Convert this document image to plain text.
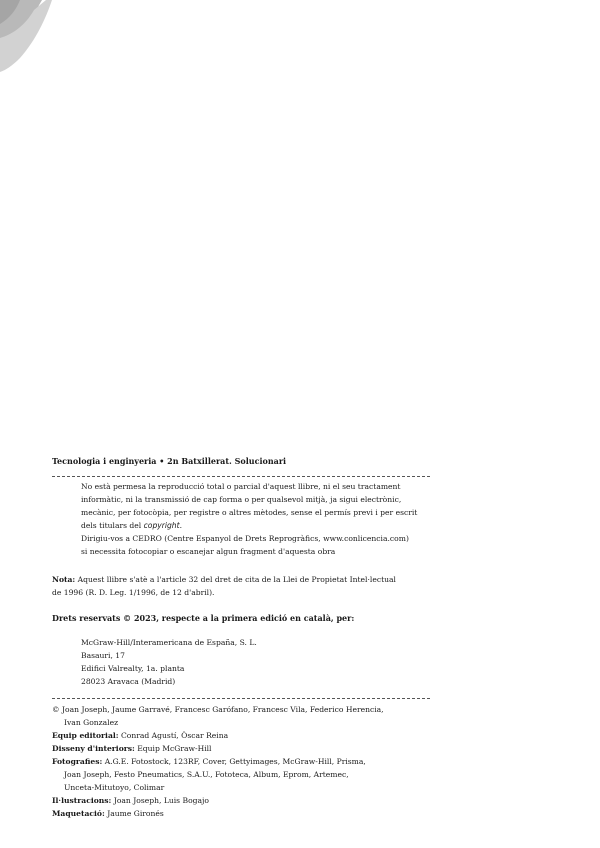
Tecnologia i enginyeria • 2n Batxillerat. Solucionari

No està permesa la reproducció total o parcial d'aquest llibre, ni el seu tractament

informàtic, ni la transmissió de cap forma o per qualsevol mitjà, ja sigui electrònic,

mecànic, per fotocòpia, per registre o altres mètodes, sense el permís previ i per escrit

dels titulars del copyright.

Dirigiu-vos a CEDRO (Centre Espanyol de Drets Reprogràfics, www.conlicencia.com)

si necessita fotocopiar o escanejar algun fragment d'aquesta obra

Nota: Aquest llibre s'atè a l'article 32 del dret de cita de la Llei de Propietat Intel·lectual
de 1996 (R. D. Leg. 1/1996, de 12 d'abril).
Drets reservats © 2023, respecte a la primera edició en català, per:
McGraw-Hill/Interamericana de España, S. L.
Basauri, 17
Edifici Valrealty, 1a. planta
28023 Aravaca (Madrid)
© Joan Joseph, Jaume Garravé, Francesc Garófano, Francesc Vila, Federico Herencia,
Ivan Gonzalez
Equip editorial: Conrad Agustí, Òscar Reina
Disseny d'interiors: Equip McGraw-Hill
Fotografies: A.G.E. Fotostock, 123RF, Cover, Gettyimages, McGraw-Hill, Prisma,
Joan Joseph, Festo Pneumatics, S.A.U., Fototeca, Album, Eprom, Artemec,
Unceta-Mitutoyo, Colimar
Il·lustracions: Joan Joseph, Luis Bogajo
Maquetació: Jaume Gironés
